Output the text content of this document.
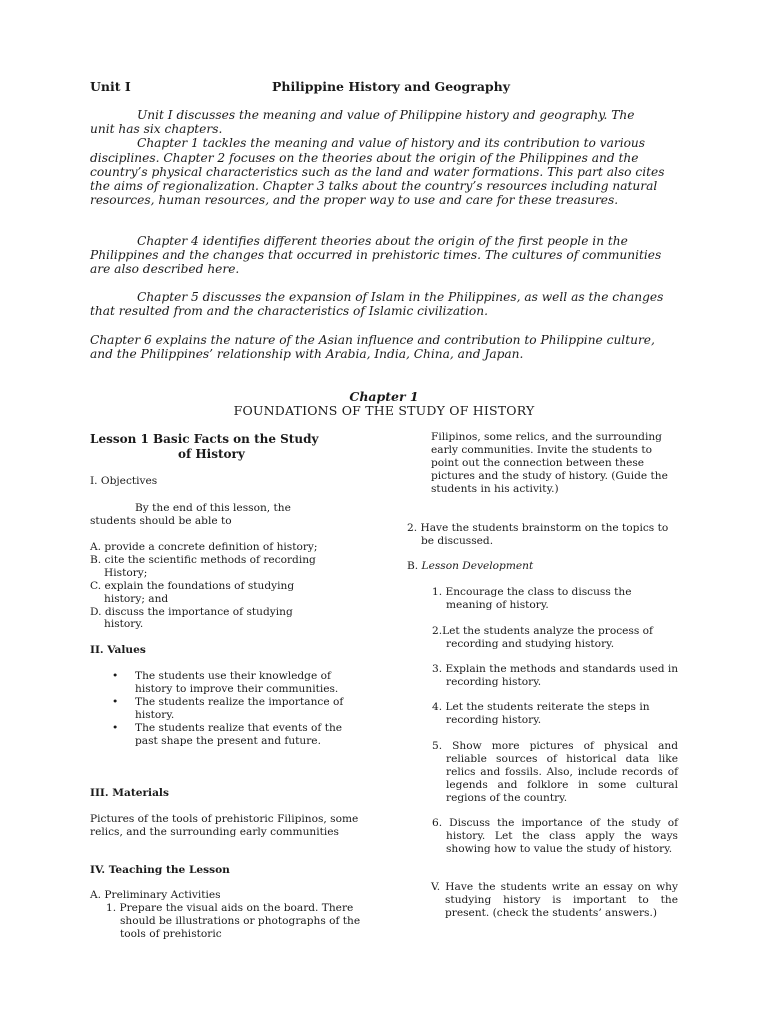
Unit I	Philippine History and Geography

Unit I discusses the meaning and value of Philippine history and geography. The

unit has six chapters.

Chapter 1 tackles the meaning and value of history and its contribution to various disciplines. Chapter 2 focuses on the theories about the origin of the Philippines and the country’s physical characteristics such as the land and water formations. This part also cites the aims of regionalization. Chapter 3 talks about the country’s resources including natural resources, human resources, and the proper way to use and care for these treasures.

Chapter 4 identifies different theories about the origin of the first people in the Philippines and the changes that occurred in prehistoric times. The cultures of communities are also described here.

Chapter 5 discusses the expansion of Islam in the Philippines, as well as the changes that resulted from and the characteristics of Islamic civilization.

Chapter 6 explains the nature of the Asian influence and contribution to Philippine culture, and the Philippines’ relationship with Arabia, India, China, and Japan.

Chapter 1
FOUNDATIONS OF THE STUDY OF HISTORY
Lesson 1 Basic Facts on the Study
of History
I. Objectives

By the end of this lesson, the students should be able to

A. provide a concrete definition of history;

B. cite the scientific methods of recording History;

C. explain the foundations of studying history; and

D. discuss the importance of studying history.

II. Values

• The students use their knowledge of history to improve their communities.

• The students realize the importance of history.

• The students realize that events of the past shape the present and future.

III. Materials
Pictures of the tools of prehistoric Filipinos, some relics, and the surrounding early communities
IV. Teaching the Lesson
A. Preliminary Activities

1. Prepare the visual aids on the board. There should be illustrations or photographs of the tools of prehistoric

Filipinos, some relics, and the surrounding early communities. Invite the students to point out the connection between these pictures and the study of history. (Guide the students in his activity.)

2. Have the students brainstorm on the topics to be discussed.

B. Lesson Development

1. Encourage the class to discuss the meaning of history.

2.Let the students analyze the process of recording and studying history.

3. Explain the methods and standards used in recording history.

4. Let the students reiterate the steps in recording history.

5. Show more pictures of physical and reliable sources of historical data like relics and fossils. Also, include records of legends and folklore in some cultural regions of the country.

6. Discuss the importance of the study of history. Let the class apply the ways showing how to value the study of history.

V. Have the students write an essay on why studying history is important to the present. (check the students’ answers.)
